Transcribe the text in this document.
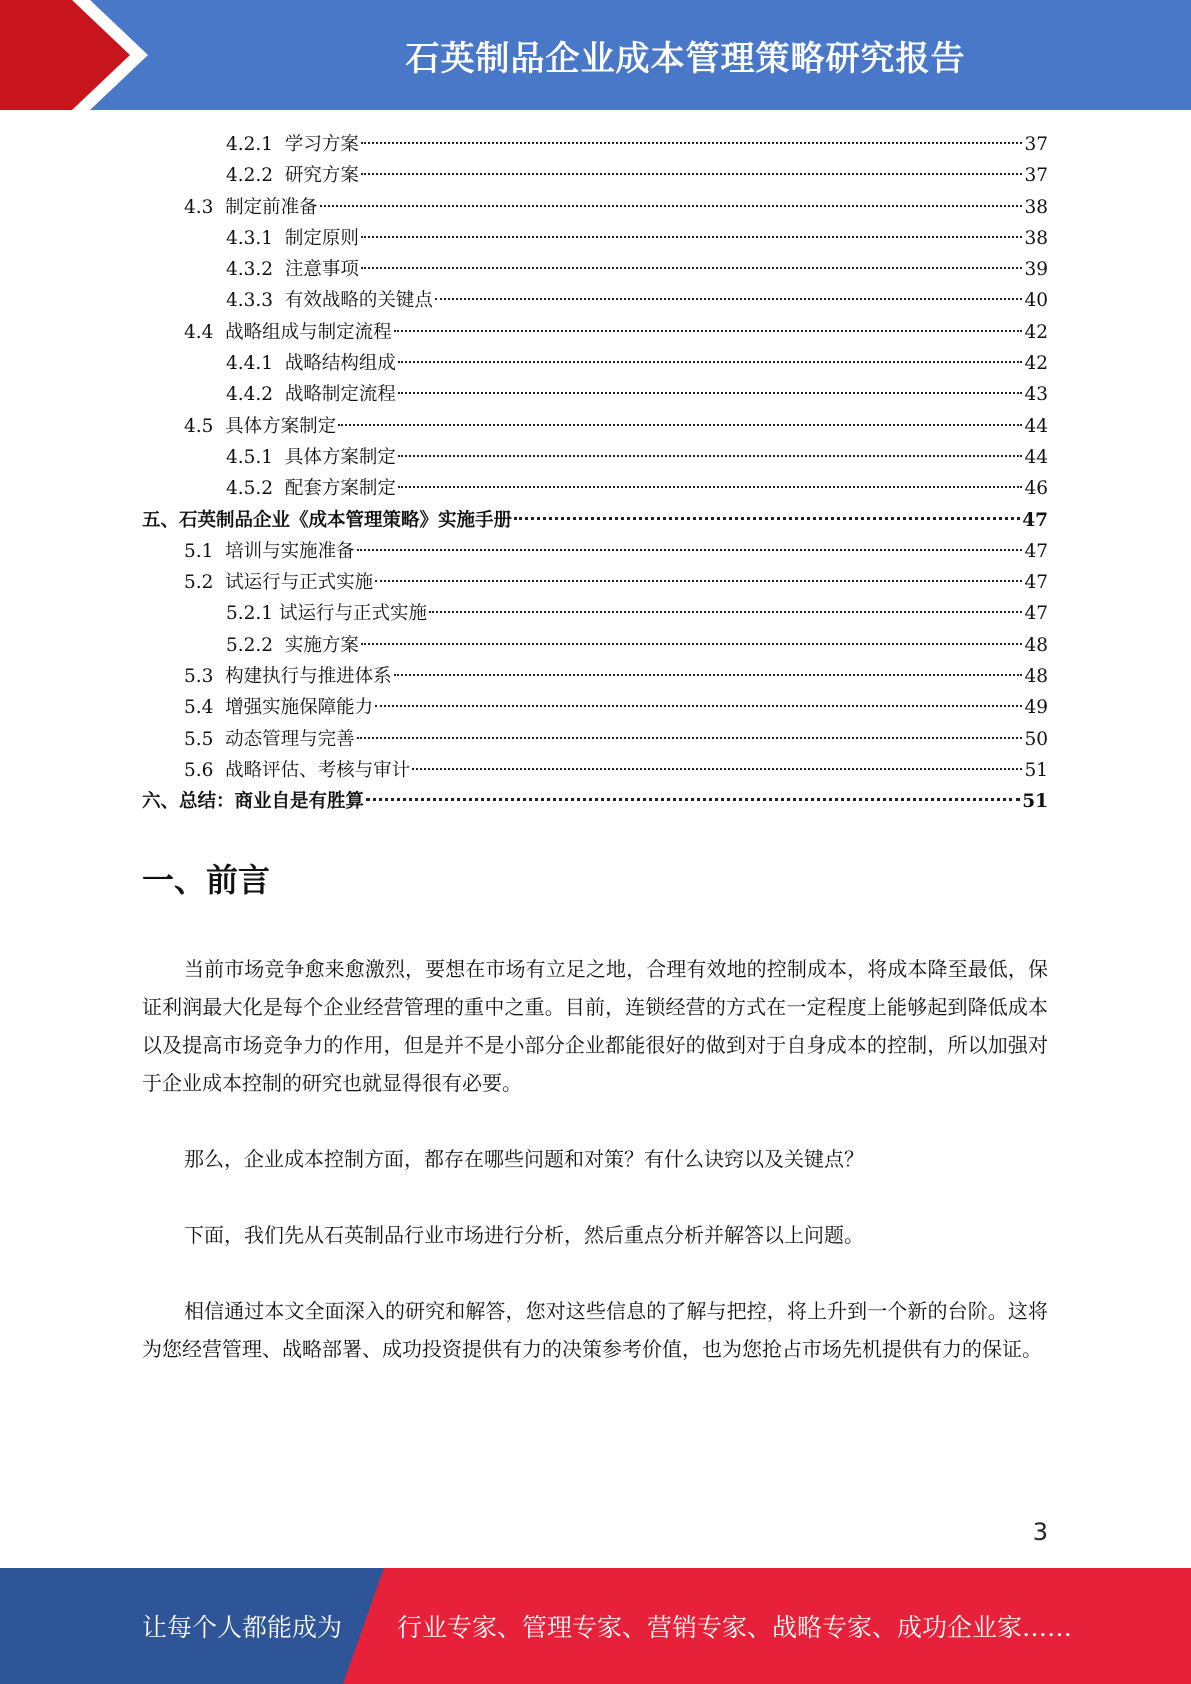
石英制品企业成本管理策略研究报告
4.2.1  学习方案	37
4.2.2  研究方案	37
4.3  制定前准备	38
4.3.1  制定原则	38
4.3.2  注意事项	39
4.3.3  有效战略的关键点	40
4.4  战略组成与制定流程	42
4.4.1  战略结构组成	42
4.4.2  战略制定流程	43
4.5  具体方案制定	44
4.5.1  具体方案制定	44
4.5.2  配套方案制定	46
五、石英制品企业《成本管理策略》实施手册	47
5.1  培训与实施准备	47
5.2  试运行与正式实施	47
5.2.1 试运行与正式实施	47
5.2.2  实施方案	48
5.3  构建执行与推进体系	48
5.4  增强实施保障能力	49
5.5  动态管理与完善	50
5.6  战略评估、考核与审计	51
六、总结：商业自是有胜算	51
一、前言

当前市场竞争愈来愈激烈，要想在市场有立足之地，合理有效地的控制成本，将成本降至最低，保证利润最大化是每个企业经营管理的重中之重。目前，连锁经营的方式在一定程度上能够起到降低成本以及提高市场竞争力的作用，但是并不是小部分企业都能很好的做到对于自身成本的控制，所以加强对于企业成本控制的研究也就显得很有必要。

那么，企业成本控制方面，都存在哪些问题和对策？有什么诀窍以及关键点？

下面，我们先从石英制品行业市场进行分析，然后重点分析并解答以上问题。

相信通过本文全面深入的研究和解答，您对这些信息的了解与把控，将上升到一个新的台阶。这将为您经营管理、战略部署、成功投资提供有力的决策参考价值，也为您抢占市场先机提供有力的保证。

3
让每个人都能成为 行业专家、管理专家、营销专家、战略专家、成功企业家……
